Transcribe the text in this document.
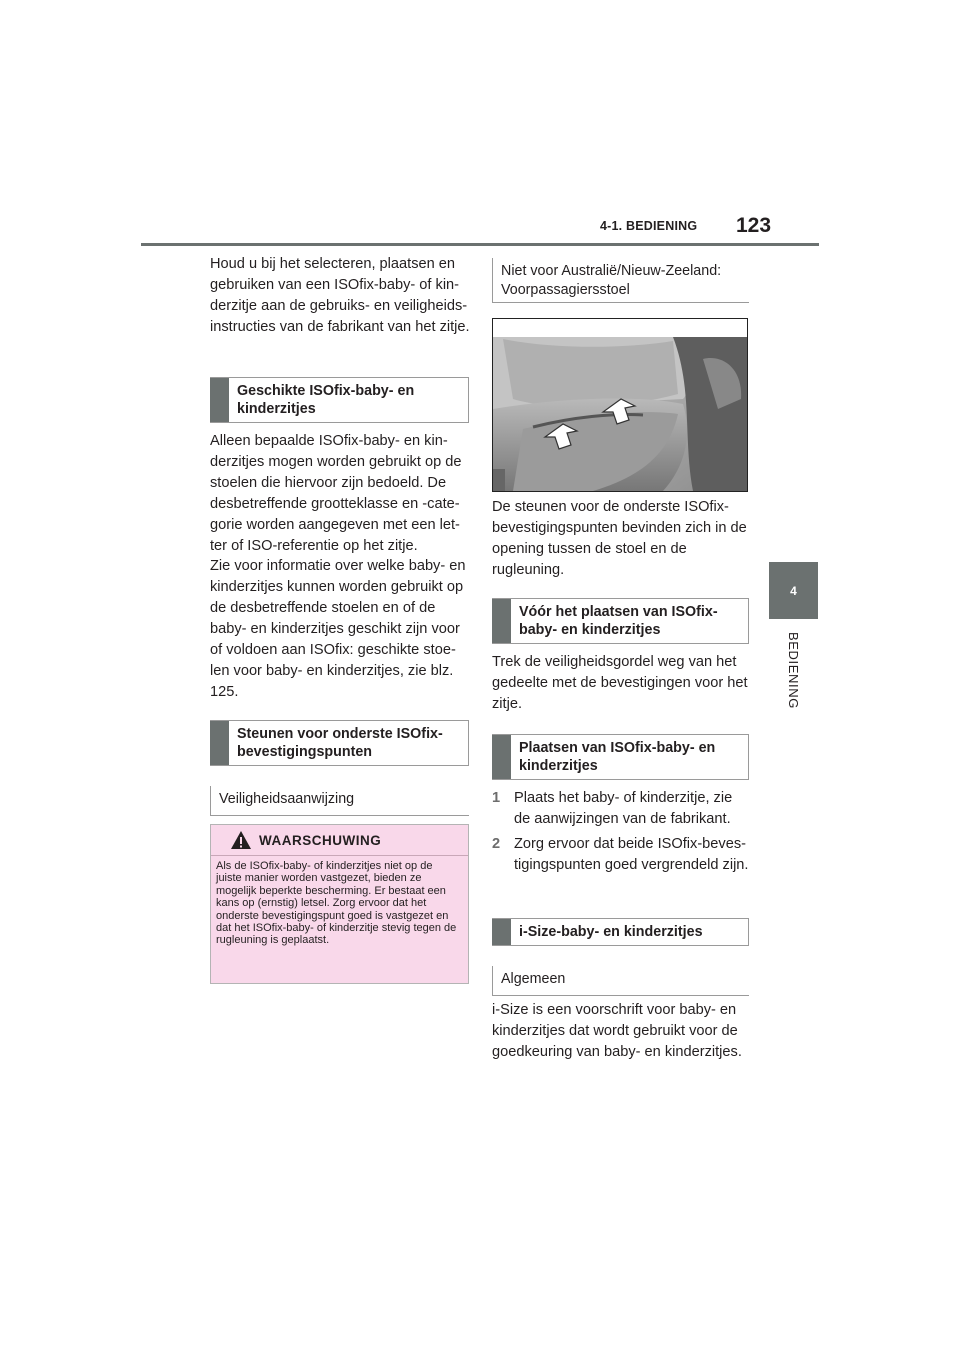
4-1. BEDIENING 123
4
BEDIENING

Houd u bij het selecteren, plaatsen en gebruiken van een ISOfix-baby- of kin-derzitje aan de gebruiks- en veiligheids-instructies van de fabrikant van het zitje.

Geschikte ISOfix-baby- en kinderzitjes

Alleen bepaalde ISOfix-baby- en kin-derzitjes mogen worden gebruikt op de stoelen die hiervoor zijn bedoeld. De desbetreffende grootteklasse en -cate-gorie worden aangegeven met een let-ter of ISO-referentie op het zitje.

Zie voor informatie over welke baby- en kinderzitjes kunnen worden gebruikt op de desbetreffende stoelen en of de baby- en kinderzitjes geschikt zijn voor of voldoen aan ISOfix: geschikte stoe-len voor baby- en kinderzitjes, zie blz. 125.

Steunen voor onderste ISOfix-bevestigingspunten
Veiligheidsaanwijzing
WAARSCHUWING
Als de ISOfix-baby- of kinderzitjes niet op de juiste manier worden vastgezet, bieden ze mogelijk beperkte bescherming. Er bestaat een kans op (ernstig) letsel. Zorg ervoor dat het onderste bevestigingspunt goed is vastgezet en dat het ISOfix-baby- of kinderzitje stevig tegen de rugleuning is geplaatst.
Niet voor Australië/Nieuw-Zeeland: Voorpassagiersstoel

De steunen voor de onderste ISOfix-bevestigingspunten bevinden zich in de opening tussen de stoel en de rugleuning.

Vóór het plaatsen van ISOfix-baby- en kinderzitjes

Trek de veiligheidsgordel weg van het gedeelte met de bevestigingen voor het zitje.

Plaatsen van ISOfix-baby- en kinderzitjes
1 Plaats het baby- of kinderzitje, zie de aanwijzingen van de fabrikant.
2 Zorg ervoor dat beide ISOfix-beves-tigingspunten goed vergrendeld zijn.
i-Size-baby- en kinderzitjes
Algemeen

i-Size is een voorschrift voor baby- en kinderzitjes dat wordt gebruikt voor de goedkeuring van baby- en kinderzitjes.
